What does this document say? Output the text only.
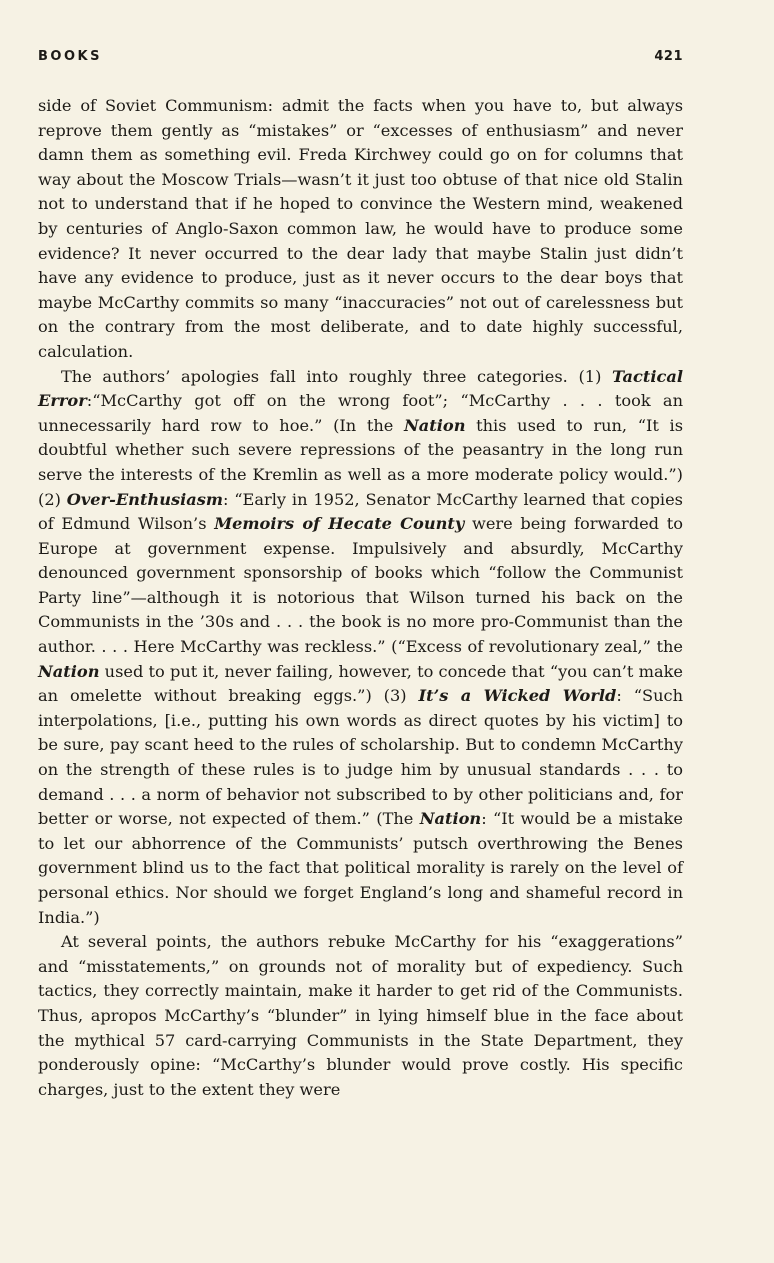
BOOKS	421

side of Soviet Communism: admit the facts when you have to, but always reprove them gently as “mistakes” or “excesses of enthusiasm” and never damn them as something evil. Freda Kirchwey could go on for columns that way about the Moscow Trials—wasn’t it just too obtuse of that nice old Stalin not to understand that if he hoped to convince the Western mind, weakened by centuries of Anglo-Saxon common law, he would have to produce some evidence? It never occurred to the dear lady that maybe Stalin just didn’t have any evidence to produce, just as it never occurs to the dear boys that maybe McCarthy commits so many “inaccuracies” not out of carelessness but on the contrary from the most deliberate, and to date highly successful, calculation.

The authors’ apologies fall into roughly three categories. (1) Tactical Error:“McCarthy got off on the wrong foot”; “McCarthy . . . took an unnecessarily hard row to hoe.” (In the Nation this used to run, “It is doubtful whether such severe repressions of the peasantry in the long run serve the interests of the Kremlin as well as a more moderate policy would.”) (2) Over-Enthusiasm: “Early in 1952, Senator McCarthy learned that copies of Edmund Wilson’s Memoirs of Hecate County were being forwarded to Europe at government expense. Impulsively and absurdly, McCarthy denounced government sponsorship of books which “follow the Communist Party line”—although it is notorious that Wilson turned his back on the Communists in the ’30s and . . . the book is no more pro-Communist than the author. . . . Here McCarthy was reckless.” (“Excess of revolutionary zeal,” the Nation used to put it, never failing, however, to concede that “you can’t make an omelette without breaking eggs.”) (3) It’s a Wicked World: “Such interpolations, [i.e., putting his own words as direct quotes by his victim] to be sure, pay scant heed to the rules of scholarship. But to condemn McCarthy on the strength of these rules is to judge him by unusual standards . . . to demand . . . a norm of behavior not subscribed to by other politicians and, for better or worse, not expected of them.” (The Nation: “It would be a mistake to let our abhorrence of the Communists’ putsch overthrowing the Benes government blind us to the fact that political morality is rarely on the level of personal ethics. Nor should we forget England’s long and shameful record in India.”)

At several points, the authors rebuke McCarthy for his “exaggerations” and “misstatements,” on grounds not of morality but of expediency. Such tactics, they correctly maintain, make it harder to get rid of the Communists. Thus, apropos McCarthy’s “blunder” in lying himself blue in the face about the mythical 57 card-carrying Communists in the State Department, they ponderously opine: “McCarthy’s blunder would prove costly. His specific charges, just to the extent they were
